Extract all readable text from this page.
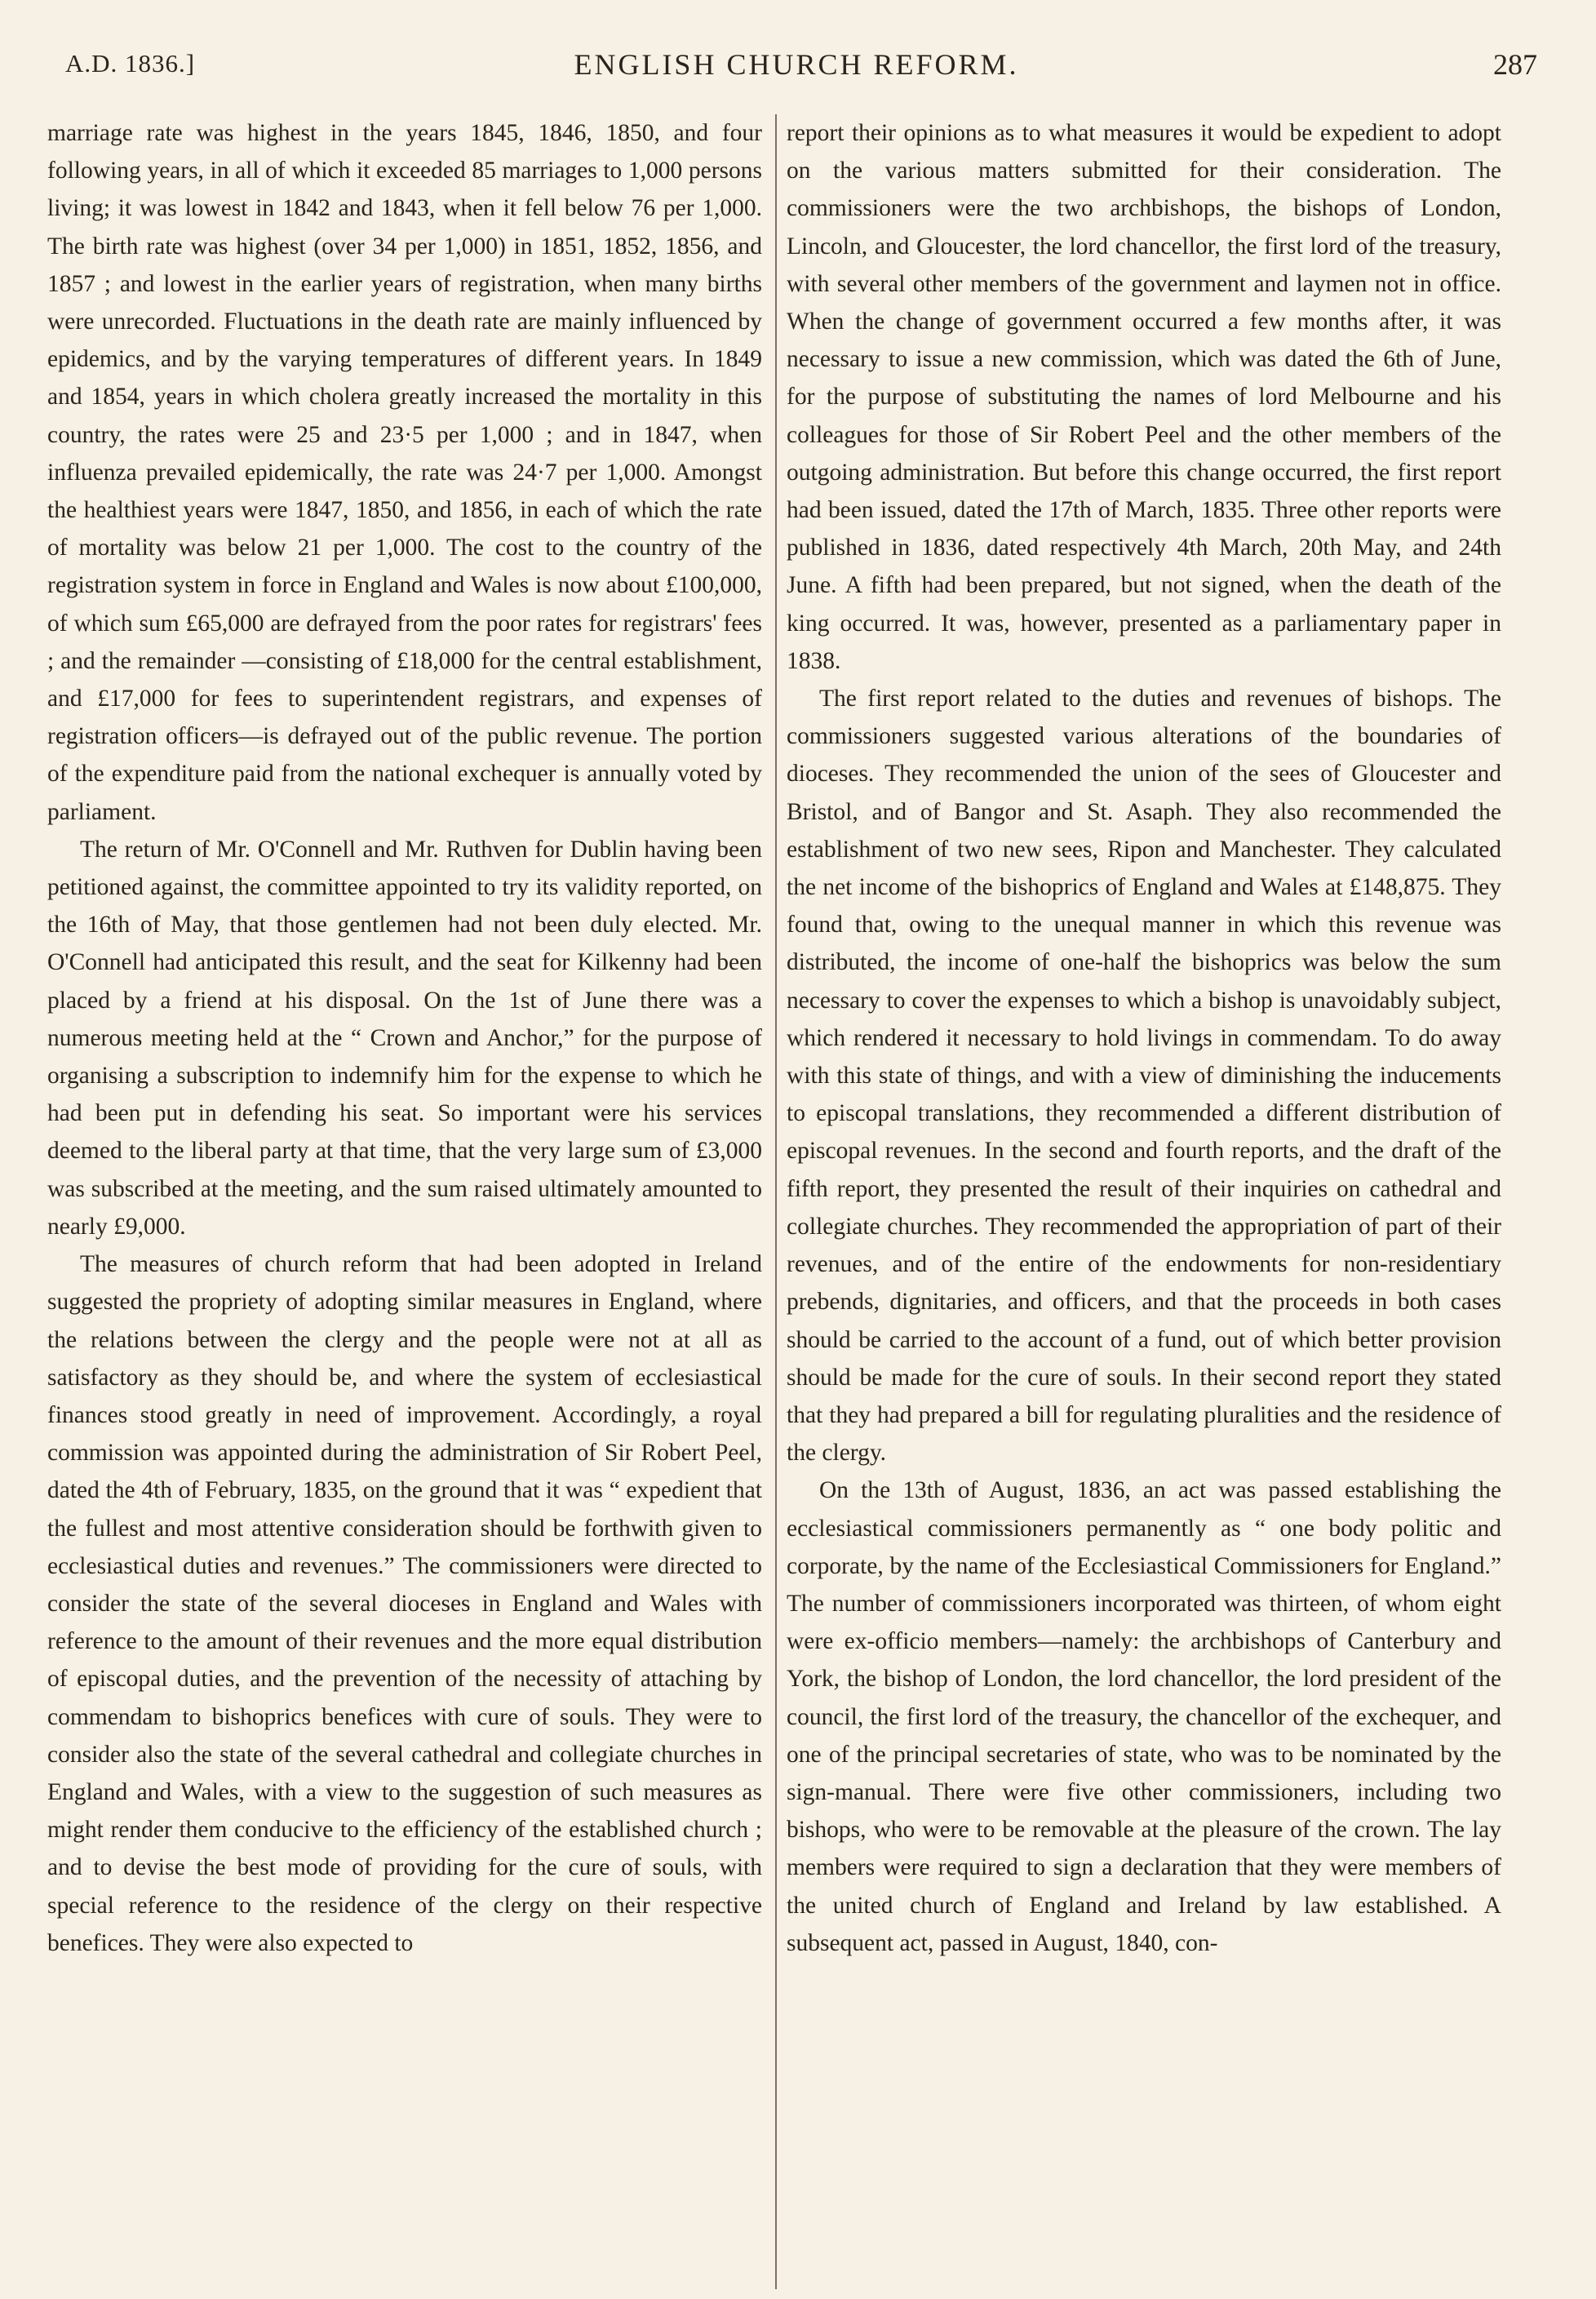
A.D. 1836.]	ENGLISH CHURCH REFORM.	287

marriage rate was highest in the years 1845, 1846, 1850, and four following years, in all of which it exceeded 85 marriages to 1,000 persons living; it was lowest in 1842 and 1843, when it fell below 76 per 1,000. The birth rate was highest (over 34 per 1,000) in 1851, 1852, 1856, and 1857 ; and lowest in the earlier years of registration, when many births were unrecorded. Fluctuations in the death rate are mainly influenced by epidemics, and by the varying temperatures of different years. In 1849 and 1854, years in which cholera greatly increased the mortality in this country, the rates were 25 and 23·5 per 1,000 ; and in 1847, when influenza prevailed epidemically, the rate was 24·7 per 1,000. Amongst the healthiest years were 1847, 1850, and 1856, in each of which the rate of mortality was below 21 per 1,000. The cost to the country of the registration system in force in England and Wales is now about £100,000, of which sum £65,000 are defrayed from the poor rates for registrars' fees ; and the remainder —consisting of £18,000 for the central establishment, and £17,000 for fees to superintendent registrars, and expenses of registration officers—is defrayed out of the public revenue. The portion of the expenditure paid from the national exchequer is annually voted by parliament.

The return of Mr. O'Connell and Mr. Ruthven for Dublin having been petitioned against, the committee appointed to try its validity reported, on the 16th of May, that those gentlemen had not been duly elected. Mr. O'Connell had anticipated this result, and the seat for Kilkenny had been placed by a friend at his disposal. On the 1st of June there was a numerous meeting held at the “ Crown and Anchor,” for the purpose of organising a subscription to indemnify him for the expense to which he had been put in defending his seat. So important were his services deemed to the liberal party at that time, that the very large sum of £3,000 was subscribed at the meeting, and the sum raised ultimately amounted to nearly £9,000.

The measures of church reform that had been adopted in Ireland suggested the propriety of adopting similar measures in England, where the relations between the clergy and the people were not at all as satisfactory as they should be, and where the system of ecclesiastical finances stood greatly in need of improvement. Accordingly, a royal commission was appointed during the administration of Sir Robert Peel, dated the 4th of February, 1835, on the ground that it was “ expedient that the fullest and most attentive consideration should be forthwith given to ecclesiastical duties and revenues.” The commissioners were directed to consider the state of the several dioceses in England and Wales with reference to the amount of their revenues and the more equal distribution of episcopal duties, and the prevention of the necessity of attaching by commendam to bishoprics benefices with cure of souls. They were to consider also the state of the several cathedral and collegiate churches in England and Wales, with a view to the suggestion of such measures as might render them conducive to the efficiency of the established church ; and to devise the best mode of providing for the cure of souls, with special reference to the residence of the clergy on their respective benefices. They were also expected to

report their opinions as to what measures it would be expedient to adopt on the various matters submitted for their consideration. The commissioners were the two archbishops, the bishops of London, Lincoln, and Gloucester, the lord chancellor, the first lord of the treasury, with several other members of the government and laymen not in office. When the change of government occurred a few months after, it was necessary to issue a new commission, which was dated the 6th of June, for the purpose of substituting the names of lord Melbourne and his colleagues for those of Sir Robert Peel and the other members of the outgoing administration. But before this change occurred, the first report had been issued, dated the 17th of March, 1835. Three other reports were published in 1836, dated respectively 4th March, 20th May, and 24th June. A fifth had been prepared, but not signed, when the death of the king occurred. It was, however, presented as a parliamentary paper in 1838.

The first report related to the duties and revenues of bishops. The commissioners suggested various alterations of the boundaries of dioceses. They recommended the union of the sees of Gloucester and Bristol, and of Bangor and St. Asaph. They also recommended the establishment of two new sees, Ripon and Manchester. They calculated the net income of the bishoprics of England and Wales at £148,875. They found that, owing to the unequal manner in which this revenue was distributed, the income of one-half the bishoprics was below the sum necessary to cover the expenses to which a bishop is unavoidably subject, which rendered it necessary to hold livings in commendam. To do away with this state of things, and with a view of diminishing the inducements to episcopal translations, they recommended a different distribution of episcopal revenues. In the second and fourth reports, and the draft of the fifth report, they presented the result of their inquiries on cathedral and collegiate churches. They recommended the appropriation of part of their revenues, and of the entire of the endowments for non-residentiary prebends, dignitaries, and officers, and that the proceeds in both cases should be carried to the account of a fund, out of which better provision should be made for the cure of souls. In their second report they stated that they had prepared a bill for regulating pluralities and the residence of the clergy.

On the 13th of August, 1836, an act was passed establishing the ecclesiastical commissioners permanently as “ one body politic and corporate, by the name of the Ecclesiastical Commissioners for England.” The number of commissioners incorporated was thirteen, of whom eight were ex-officio members—namely: the archbishops of Canterbury and York, the bishop of London, the lord chancellor, the lord president of the council, the first lord of the treasury, the chancellor of the exchequer, and one of the principal secretaries of state, who was to be nominated by the sign-manual. There were five other commissioners, including two bishops, who were to be removable at the pleasure of the crown. The lay members were required to sign a declaration that they were members of the united church of England and Ireland by law established. A subsequent act, passed in August, 1840, con-
